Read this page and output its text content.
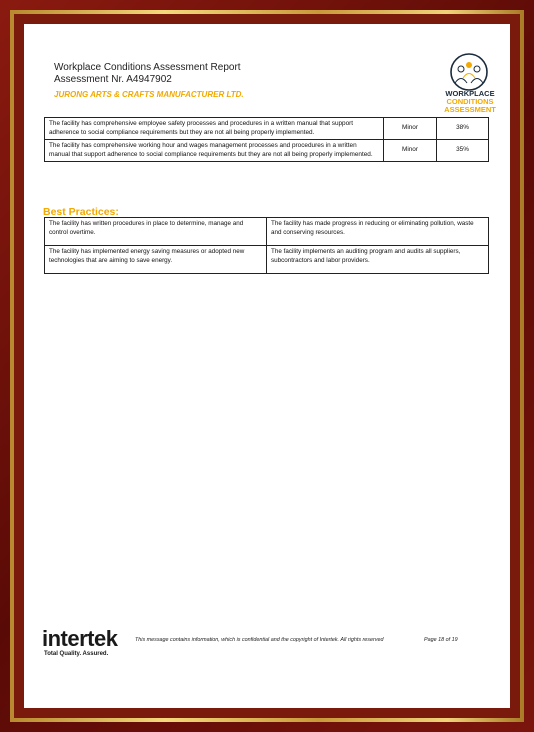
Workplace Conditions Assessment Report
Assessment Nr. A4947902
JURONG ARTS & CRAFTS MANUFACTURER LTD.	WORKPLACE
CONDITIONS
ASSESSMENT
The facility has comprehensive employee safety processes and procedures in a written manual that support adherence to social compliance requirements but they are not all being properly implemented.	Minor	38%
The facility has comprehensive working hour and wages management processes and procedures in a written manual that support adherence to social compliance requirements but they are not all being properly implemented.	Minor	35%
Best Practices:
The facility has written procedures in place to determine, manage and control overtime.	The facility has made progress in reducing or eliminating pollution, waste and conserving resources.
The facility has implemented energy saving measures or adopted new technologies that are aiming to save energy.	The facility implements an auditing program and audits all suppliers, subcontractors and labor providers.
intertek
Total Quality. Assured.
This message contains information, which is confidential and the copyright of Intertek. All rights reserved	Page 18 of 19
